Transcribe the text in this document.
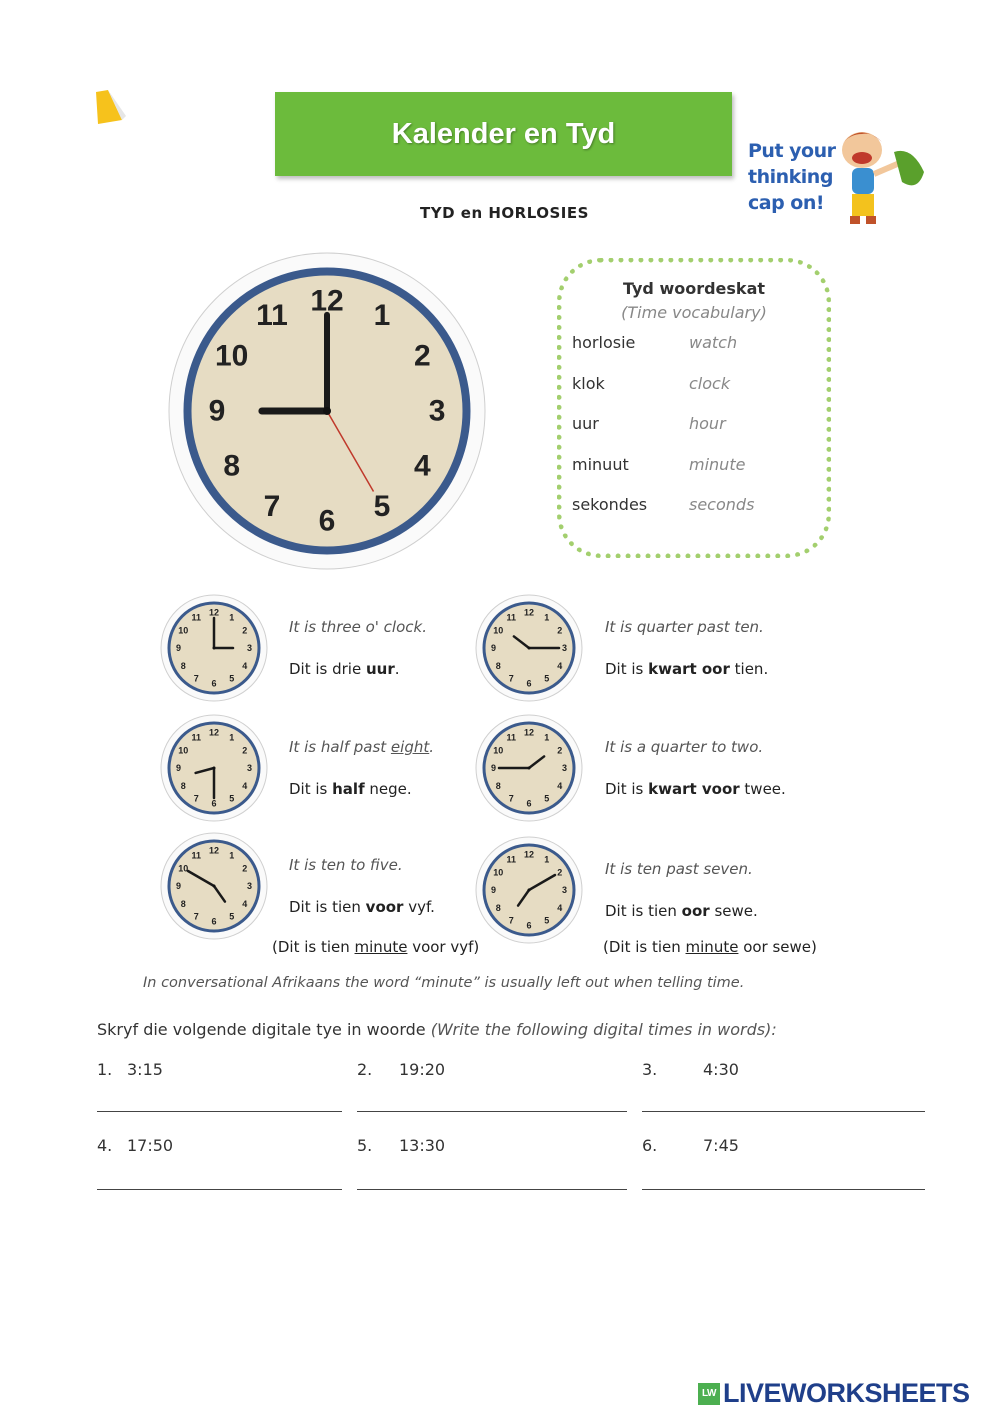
Kalender en Tyd
Put your
thinking
cap on!
TYD en HORLOSIES
1
2
3
4
5
6
7
8
9
10
11 12	Tyd woordeskat
(Time vocabulary)
horlosie	watch
klok	clock
uur	hour
minuut	minute
sekondes	seconds
1
2
3
4
5
6
7
8
9
10
11 12
It is three o' clock.
Dit is drie uur.
1
2
3
4
5
6
7
8
9
10
11 12
It is quarter past ten.
Dit is kwart oor tien.
1
2
3
4
5
6
7
8
9
10
11 12
It is half past eight.
Dit is half nege.
1
2
3
4
5
6
7
8
9
10
11 12
It is a quarter to two.
Dit is kwart voor twee.
1
2
3
4
5
6
7
8
9
10
11 12
It is ten to five.
Dit is tien voor vyf.
(Dit is tien minute voor vyf)
1
2
3
4
5
6
7
8
9
10
11 12
It is ten past seven.
Dit is tien oor sewe.
(Dit is tien minute oor sewe)
In conversational Afrikaans the word “minute” is usually left out when telling time.
Skryf die volgende digitale tye in woorde (Write the following digital times in words):
1. 3:15	2. 19:20	3.	4:30
4. 17:50	5. 13:30	6.	7:45
LW LIVEWORKSHEETS
